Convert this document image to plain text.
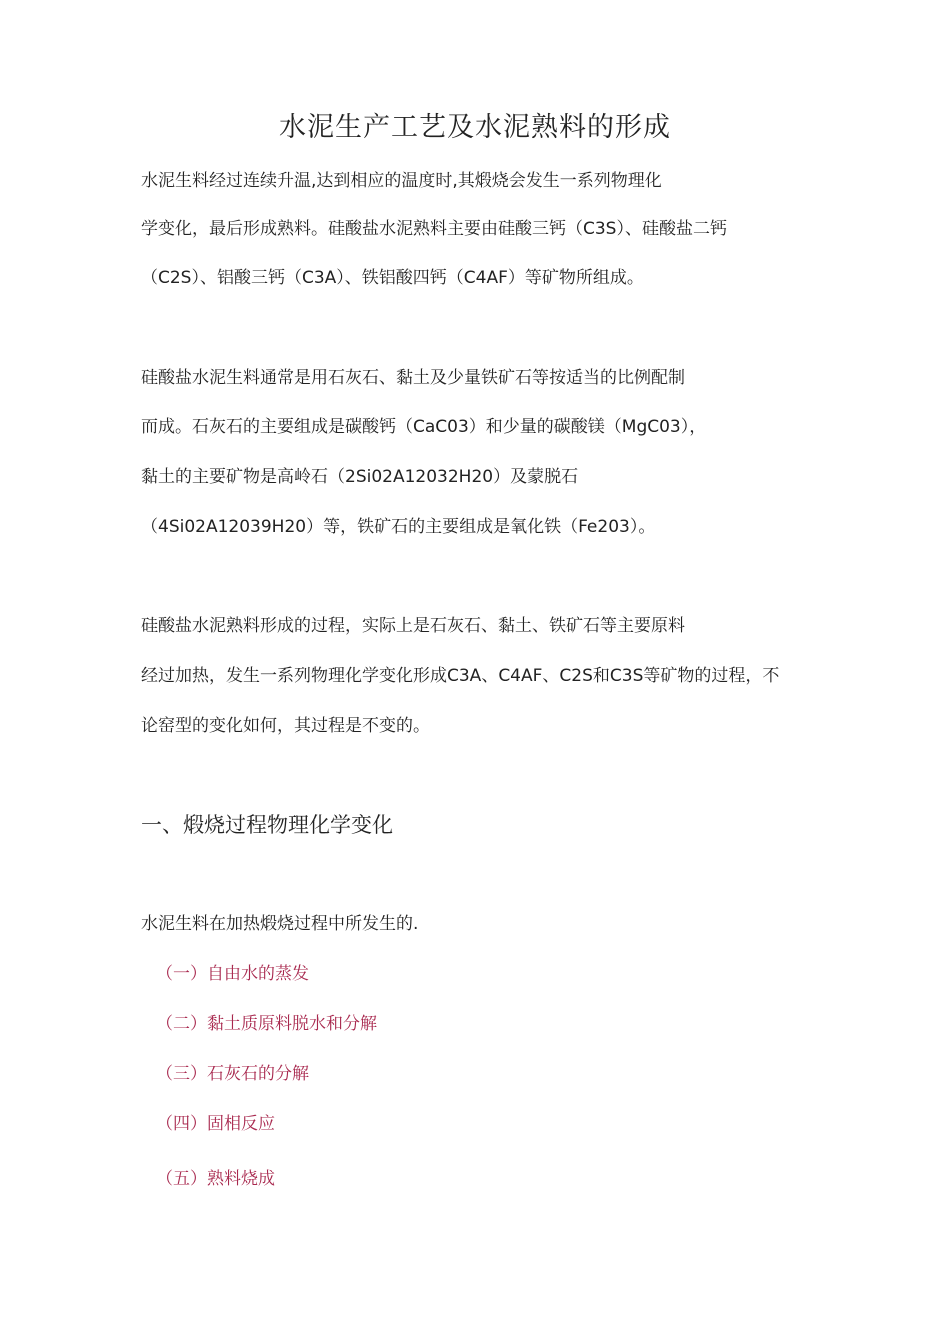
水泥生产工艺及水泥熟料的形成
水泥生料经过连续升温,达到相应的温度时,其煅烧会发生一系列物理化
学变化，最后形成熟料。硅酸盐水泥熟料主要由硅酸三钙（C3S）、硅酸盐二钙
（C2S）、铝酸三钙（C3A）、铁铝酸四钙（C4AF）等矿物所组成。
硅酸盐水泥生料通常是用石灰石、黏土及少量铁矿石等按适当的比例配制
而成。石灰石的主要组成是碳酸钙（CaC03）和少量的碳酸镁（MgC03），
黏土的主要矿物是高岭石（2Si02A12032H20）及蒙脱石
（4Si02A12039H20）等，铁矿石的主要组成是氧化铁（Fe203）。
硅酸盐水泥熟料形成的过程，实际上是石灰石、黏土、铁矿石等主要原料
经过加热，发生一系列物理化学变化形成C3A、C4AF、C2S和C3S等矿物的过程，不
论窑型的变化如何，其过程是不变的。
一、煅烧过程物理化学变化
水泥生料在加热煅烧过程中所发生的.
（一）自由水的蒸发
（二）黏土质原料脱水和分解
（三）石灰石的分解
（四）固相反应
（五）熟料烧成
